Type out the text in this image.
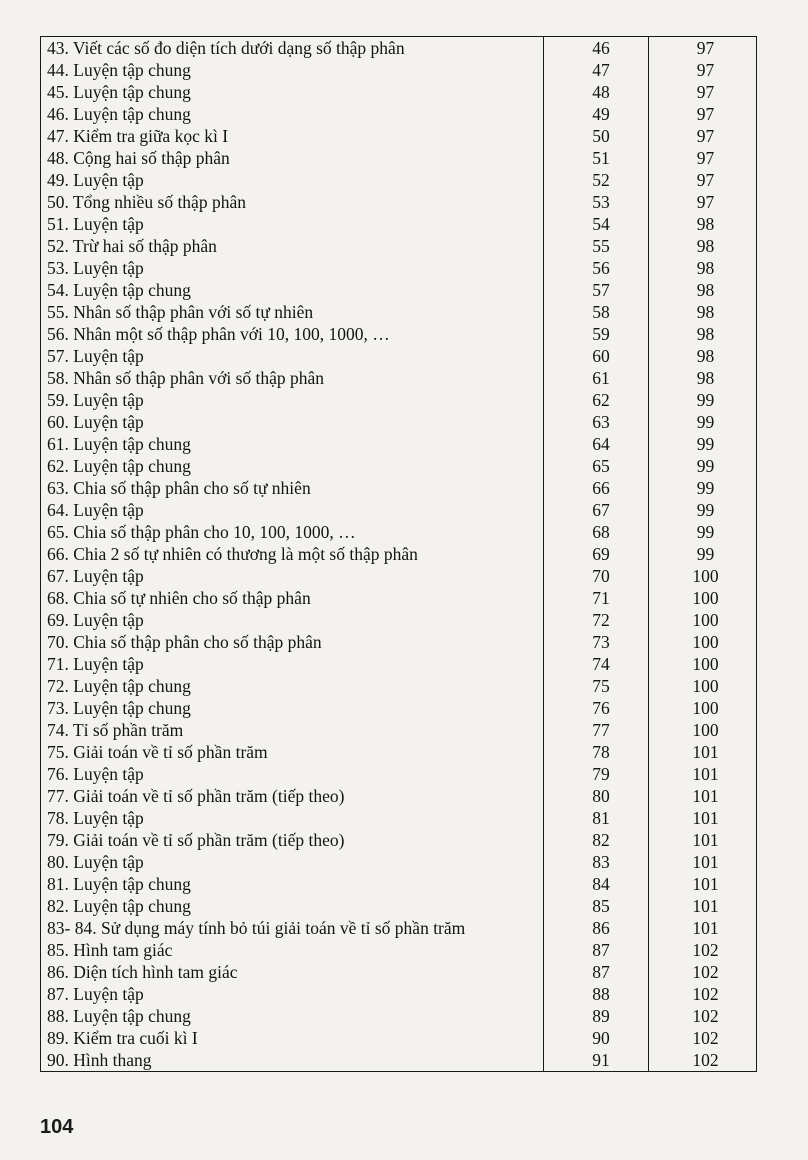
43. Viết các số đo diện tích dưới dạng số thập phân	46	97
44. Luyện tập chung	47	97
45. Luyện tập chung	48	97
46. Luyện tập chung	49	97
47. Kiểm tra giữa kọc kì I	50	97
48. Cộng hai số thập phân	51	97
49. Luyện tập	52	97
50. Tổng nhiều số thập phân	53	97
51. Luyện tập	54	98
52. Trừ hai số thập phân	55	98
53. Luyện tập	56	98
54. Luyện tập chung	57	98
55. Nhân số thập phân với số tự nhiên	58	98
56. Nhân một số thập phân với 10, 100, 1000, …	59	98
57. Luyện tập	60	98
58. Nhân số thập phân với số thập phân	61	98
59. Luyện tập	62	99
60. Luyện tập	63	99
61. Luyện tập chung	64	99
62. Luyện tập chung	65	99
63. Chia số thập phân cho số tự nhiên	66	99
64. Luyện tập	67	99
65. Chia số thập phân cho 10, 100, 1000, …	68	99
66. Chia 2 số tự nhiên có thương là một số thập phân	69	99
67. Luyện tập	70	100
68. Chia số tự nhiên cho số thập phân	71	100
69. Luyện tập	72	100
70. Chia số thập phân cho số thập phân	73	100
71. Luyện tập	74	100
72. Luyện tập chung	75	100
73. Luyện tập chung	76	100
74. Tỉ số phần trăm	77	100
75. Giải toán về tỉ số phần trăm	78	101
76. Luyện tập	79	101
77. Giải toán về tỉ số phần trăm (tiếp theo)	80	101
78. Luyện tập	81	101
79. Giải toán về tỉ số phần trăm (tiếp theo)	82	101
80. Luyện tập	83	101
81. Luyện tập chung	84	101
82. Luyện tập chung	85	101
83- 84. Sử dụng máy tính bỏ túi giải toán về tỉ số phần trăm	86	101
85. Hình tam giác	87	102
86. Diện tích hình tam giác	87	102
87. Luyện tập	88	102
88. Luyện tập chung	89	102
89. Kiểm tra cuối kì I	90	102
90. Hình thang	91	102
104
